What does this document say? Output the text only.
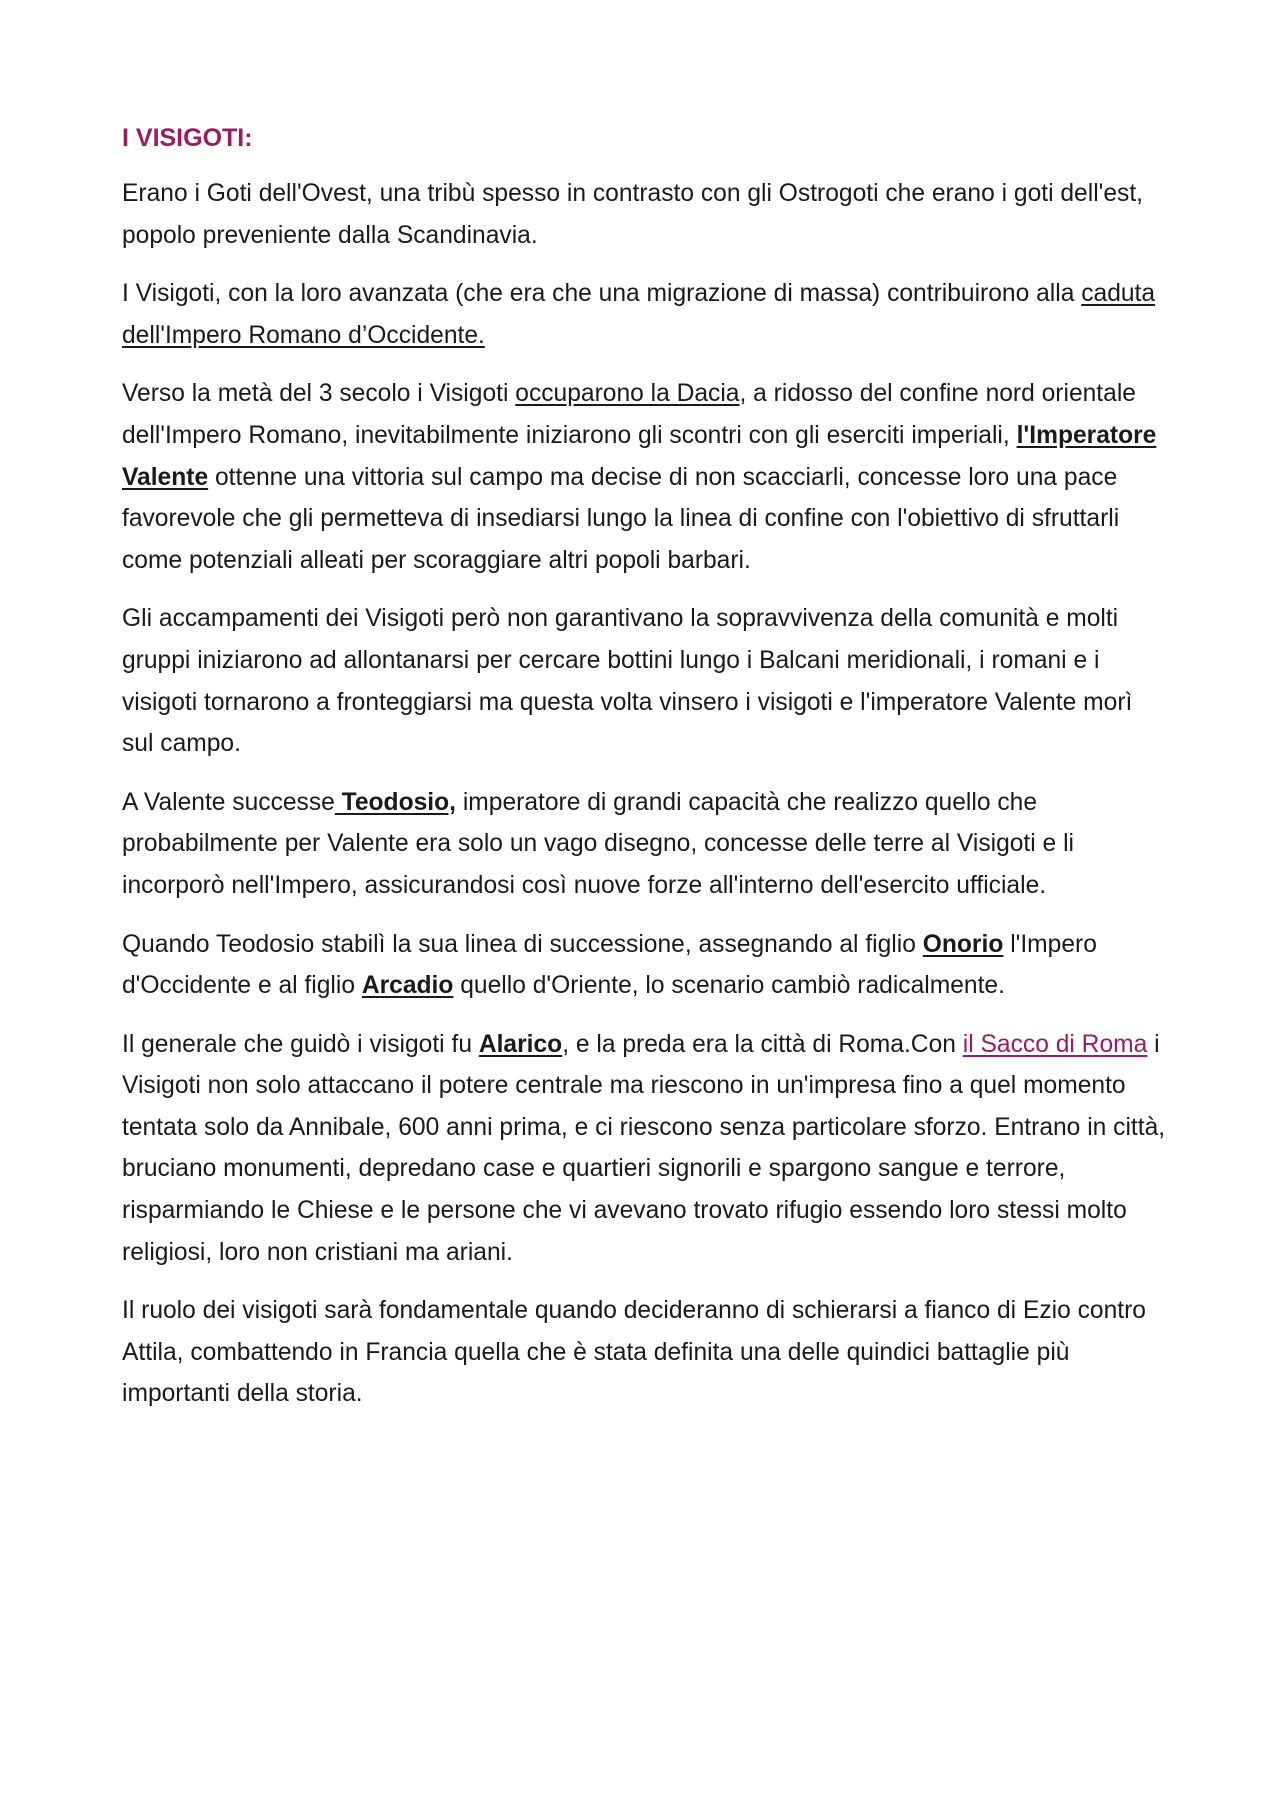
I VISIGOTI:

Erano i Goti dell'Ovest, una tribù spesso in contrasto con gli Ostrogoti che erano i goti dell'est, popolo preveniente dalla Scandinavia.

I Visigoti, con la loro avanzata (che era che una migrazione di massa) contribuirono alla caduta dell'Impero Romano d’Occidente.

Verso la metà del 3 secolo i Visigoti occuparono la Dacia, a ridosso del confine nord orientale dell'Impero Romano, inevitabilmente iniziarono gli scontri con gli eserciti imperiali, l'Imperatore Valente ottenne una vittoria sul campo ma decise di non scacciarli, concesse loro una pace favorevole che gli permetteva di insediarsi lungo la linea di confine con l'obiettivo di sfruttarli come potenziali alleati per scoraggiare altri popoli barbari.

Gli accampamenti dei Visigoti però non garantivano la sopravvivenza della comunità e molti gruppi iniziarono ad allontanarsi per cercare bottini lungo i Balcani meridionali, i romani e i visigoti tornarono a fronteggiarsi ma questa volta vinsero i visigoti e l'imperatore Valente morì sul campo.

A Valente successe Teodosio, imperatore di grandi capacità che realizzo quello che probabilmente per Valente era solo un vago disegno, concesse delle terre al Visigoti e li incorporò nell'Impero, assicurandosi così nuove forze all'interno dell'esercito ufficiale.

Quando Teodosio stabilì la sua linea di successione, assegnando al figlio Onorio l'Impero d'Occidente e al figlio Arcadio quello d'Oriente, lo scenario cambiò radicalmente.

Il generale che guidò i visigoti fu Alarico, e la preda era la città di Roma.Con il Sacco di Roma i Visigoti non solo attaccano il potere centrale ma riescono in un'impresa fino a quel momento tentata solo da Annibale, 600 anni prima, e ci riescono senza particolare sforzo. Entrano in città, bruciano monumenti, depredano case e quartieri signorili e spargono sangue e terrore, risparmiando le Chiese e le persone che vi avevano trovato rifugio essendo loro stessi molto religiosi, loro non cristiani ma ariani.

Il ruolo dei visigoti sarà fondamentale quando decideranno di schierarsi a fianco di Ezio contro Attila, combattendo in Francia quella che è stata definita una delle quindici battaglie più importanti della storia.
